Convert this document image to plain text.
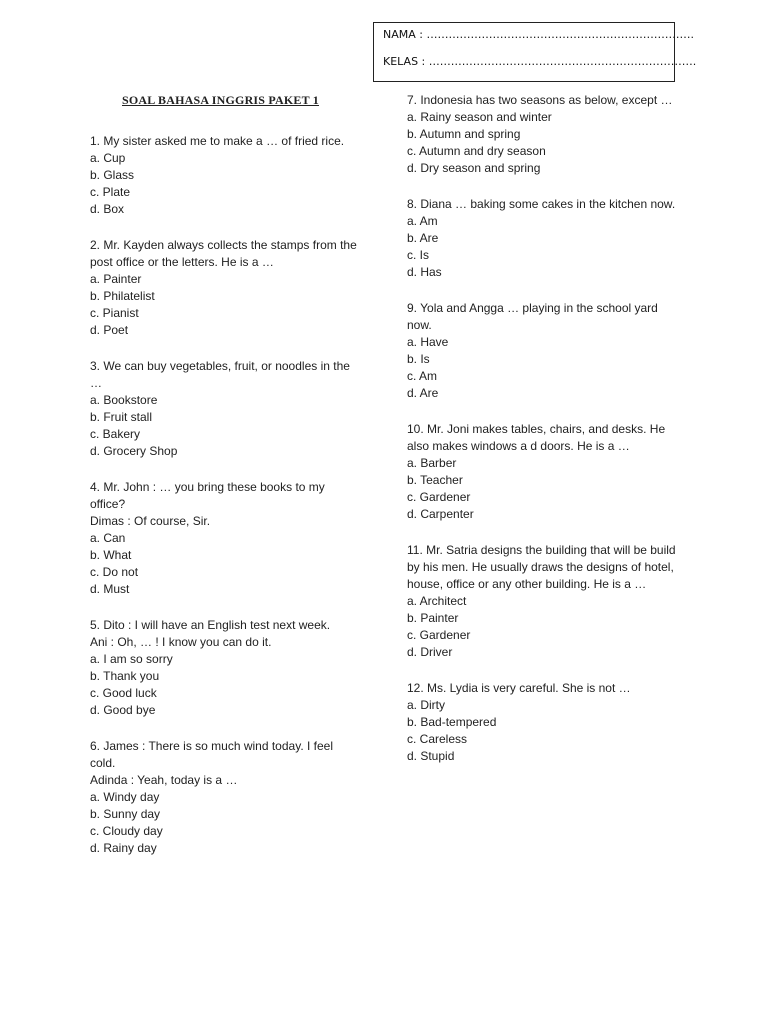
NAMA : ……………………………………………………………….
KELAS : ……………………………………………………………….
SOAL BAHASA INGGRIS PAKET 1
1. My sister asked me to make a … of fried rice.
a. Cup
b. Glass
c. Plate
d. Box
2. Mr. Kayden always collects the stamps from the post office or the letters. He is a …
a. Painter
b. Philatelist
c. Pianist
d. Poet
3. We can buy vegetables, fruit, or noodles in the …
a. Bookstore
b. Fruit stall
c. Bakery
d. Grocery Shop
4. Mr. John : … you bring these books to my office?
Dimas : Of course, Sir.
a. Can
b. What
c. Do not
d. Must
5. Dito : I will have an English test next week.
Ani : Oh, … ! I know you can do it.
a. I am so sorry
b. Thank you
c. Good luck
d. Good bye
6. James : There is so much wind today. I feel cold.
Adinda : Yeah, today is a …
a. Windy day
b. Sunny day
c. Cloudy day
d. Rainy day
7. Indonesia has two seasons as below, except …
a. Rainy season and winter
b. Autumn and spring
c. Autumn and dry season
d. Dry season and spring
8. Diana … baking some cakes in the kitchen now.
a. Am
b. Are
c. Is
d. Has
9. Yola and Angga … playing in the school yard now.
a. Have
b. Is
c. Am
d. Are
10. Mr. Joni makes tables, chairs, and desks. He also makes windows a d doors. He is a …
a. Barber
b. Teacher
c. Gardener
d. Carpenter
11. Mr. Satria designs the building that will be build by his men. He usually draws the designs of hotel, house, office or any other building. He is a …
a. Architect
b. Painter
c. Gardener
d. Driver
12. Ms. Lydia is very careful. She is not …
a. Dirty
b. Bad-tempered
c. Careless
d. Stupid
